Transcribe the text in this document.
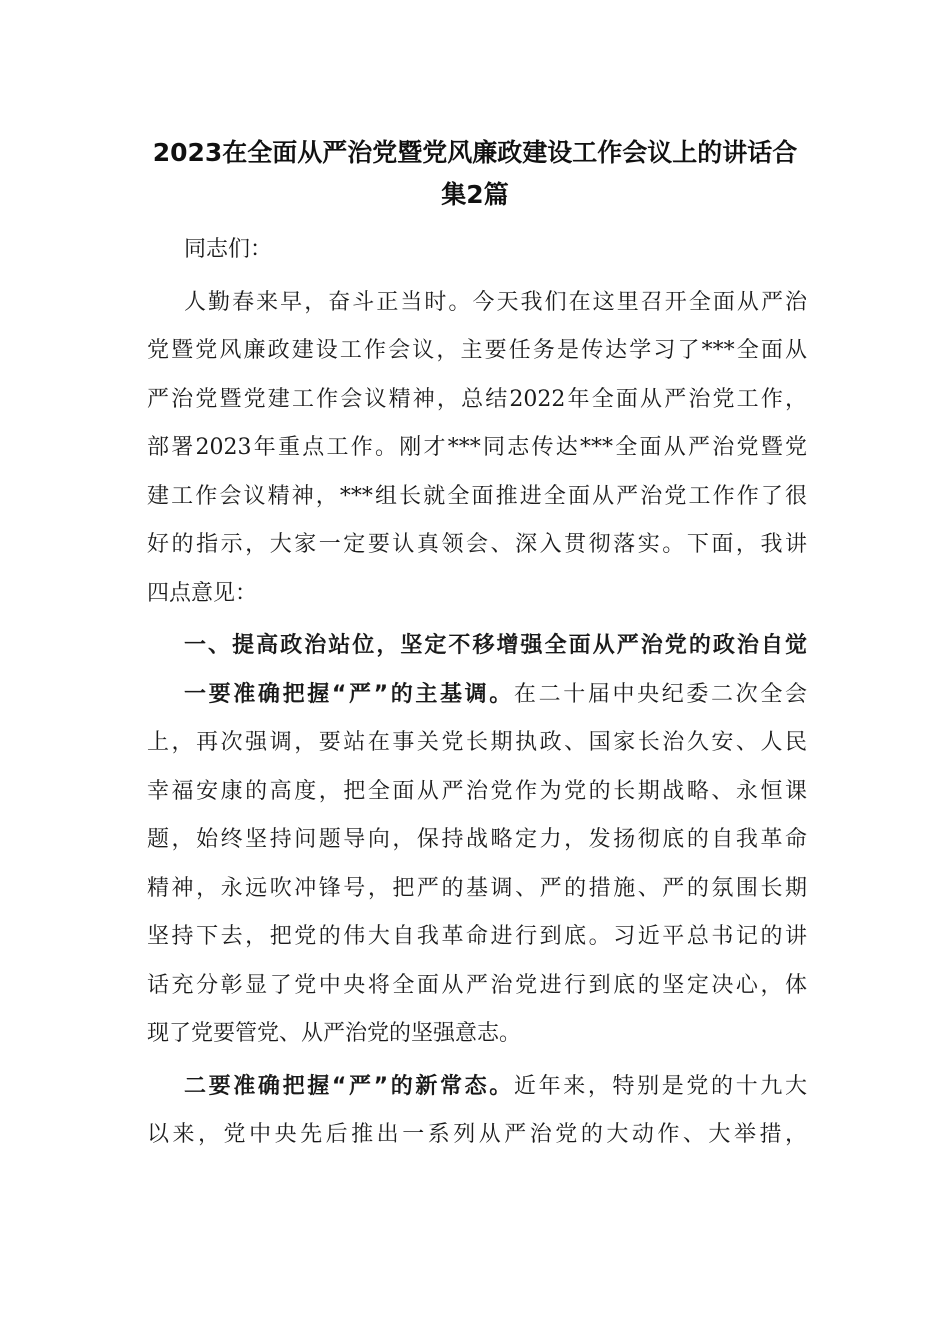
2023在全面从严治党暨党风廉政建设工作会议上的讲话合
集2篇
同志们：
人勤春来早，奋斗正当时。今天我们在这里召开全面从严治
党暨党风廉政建设工作会议，主要任务是传达学习了***全面从
严治党暨党建工作会议精神，总结2022年全面从严治党工作，
部署2023年重点工作。刚才***同志传达***全面从严治党暨党
建工作会议精神，***组长就全面推进全面从严治党工作作了很
好的指示，大家一定要认真领会、深入贯彻落实。下面，我讲
四点意见：
一、提高政治站位，坚定不移增强全面从严治党的政治自觉
一要准确把握“严”的主基调。在二十届中央纪委二次全会
上，再次强调，要站在事关党长期执政、国家长治久安、人民
幸福安康的高度，把全面从严治党作为党的长期战略、永恒课
题，始终坚持问题导向，保持战略定力，发扬彻底的自我革命
精神，永远吹冲锋号，把严的基调、严的措施、严的氛围长期
坚持下去，把党的伟大自我革命进行到底。习近平总书记的讲
话充分彰显了党中央将全面从严治党进行到底的坚定决心，体
现了党要管党、从严治党的坚强意志。
二要准确把握“严”的新常态。近年来，特别是党的十九大
以来，党中央先后推出一系列从严治党的大动作、大举措，
